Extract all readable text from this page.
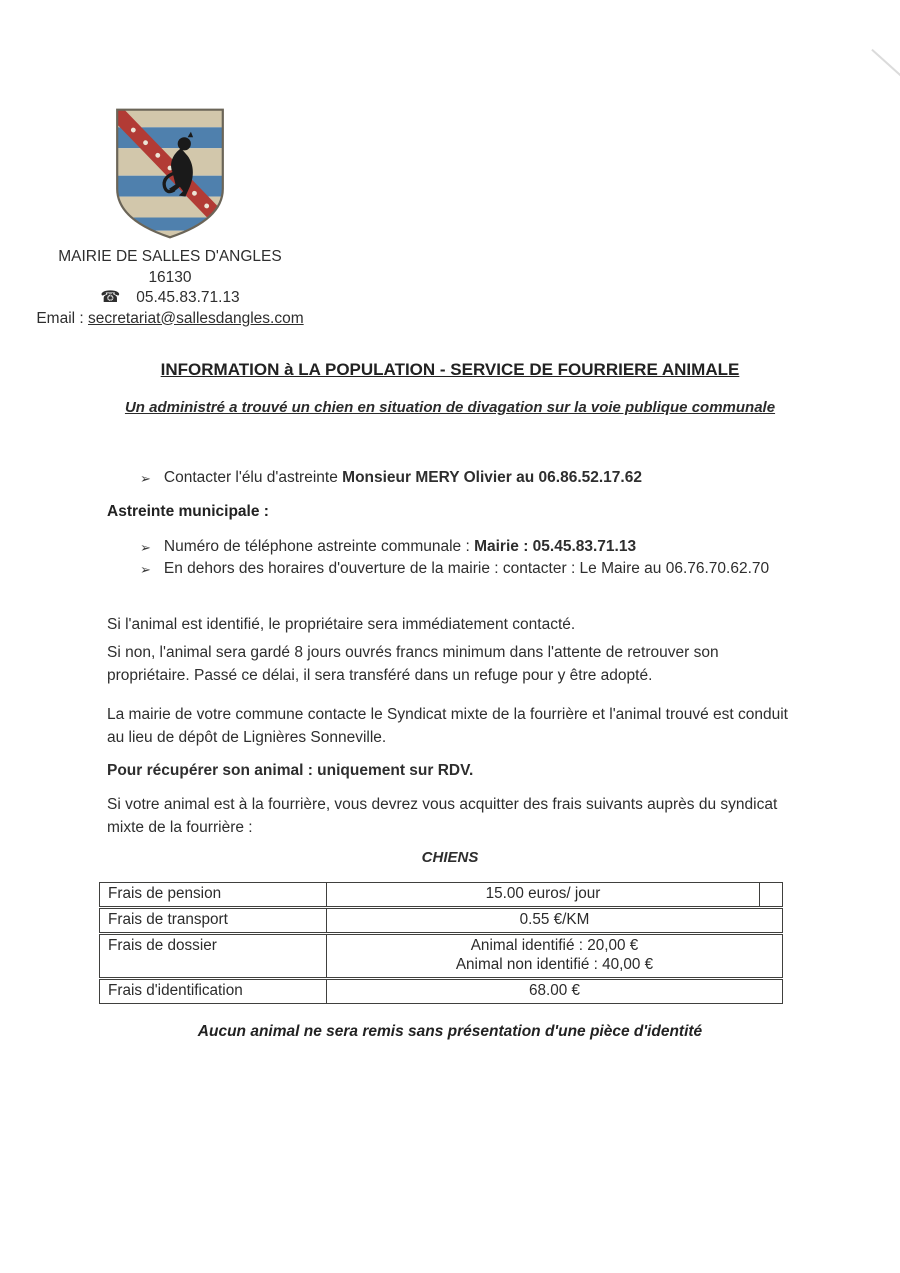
MAIRIE DE SALLES D'ANGLES
16130
☎ 05.45.83.71.13
Email : secretariat@sallesdangles.com
INFORMATION à LA POPULATION - SERVICE DE FOURRIERE ANIMALE
Un administré a trouvé un chien en situation de divagation sur la voie publique communale
➢ Contacter l'élu d'astreinte Monsieur MERY Olivier au 06.86.52.17.62
Astreinte municipale :
➢ Numéro de téléphone astreinte communale : Mairie : 05.45.83.71.13
➢ En dehors des horaires d'ouverture de la mairie : contacter : Le Maire au 06.76.70.62.70
Si l'animal est identifié, le propriétaire sera immédiatement contacté.
Si non, l'animal sera gardé 8 jours ouvrés francs minimum dans l'attente de retrouver son propriétaire. Passé ce délai, il sera transféré dans un refuge pour y être adopté.
La mairie de votre commune contacte le Syndicat mixte de la fourrière et l'animal trouvé est conduit au lieu de dépôt de Lignières Sonneville.
Pour récupérer son animal : uniquement sur RDV.
Si votre animal est à la fourrière, vous devrez vous acquitter des frais suivants auprès du syndicat mixte de la fourrière :
CHIENS
Frais de pension	15.00 euros/ jour
Frais de transport	0.55 €/KM
Frais de dossier	Animal identifié : 20,00 €
Animal non identifié : 40,00 €
Frais d'identification	68.00 €
Aucun animal ne sera remis sans présentation d'une pièce d'identité
